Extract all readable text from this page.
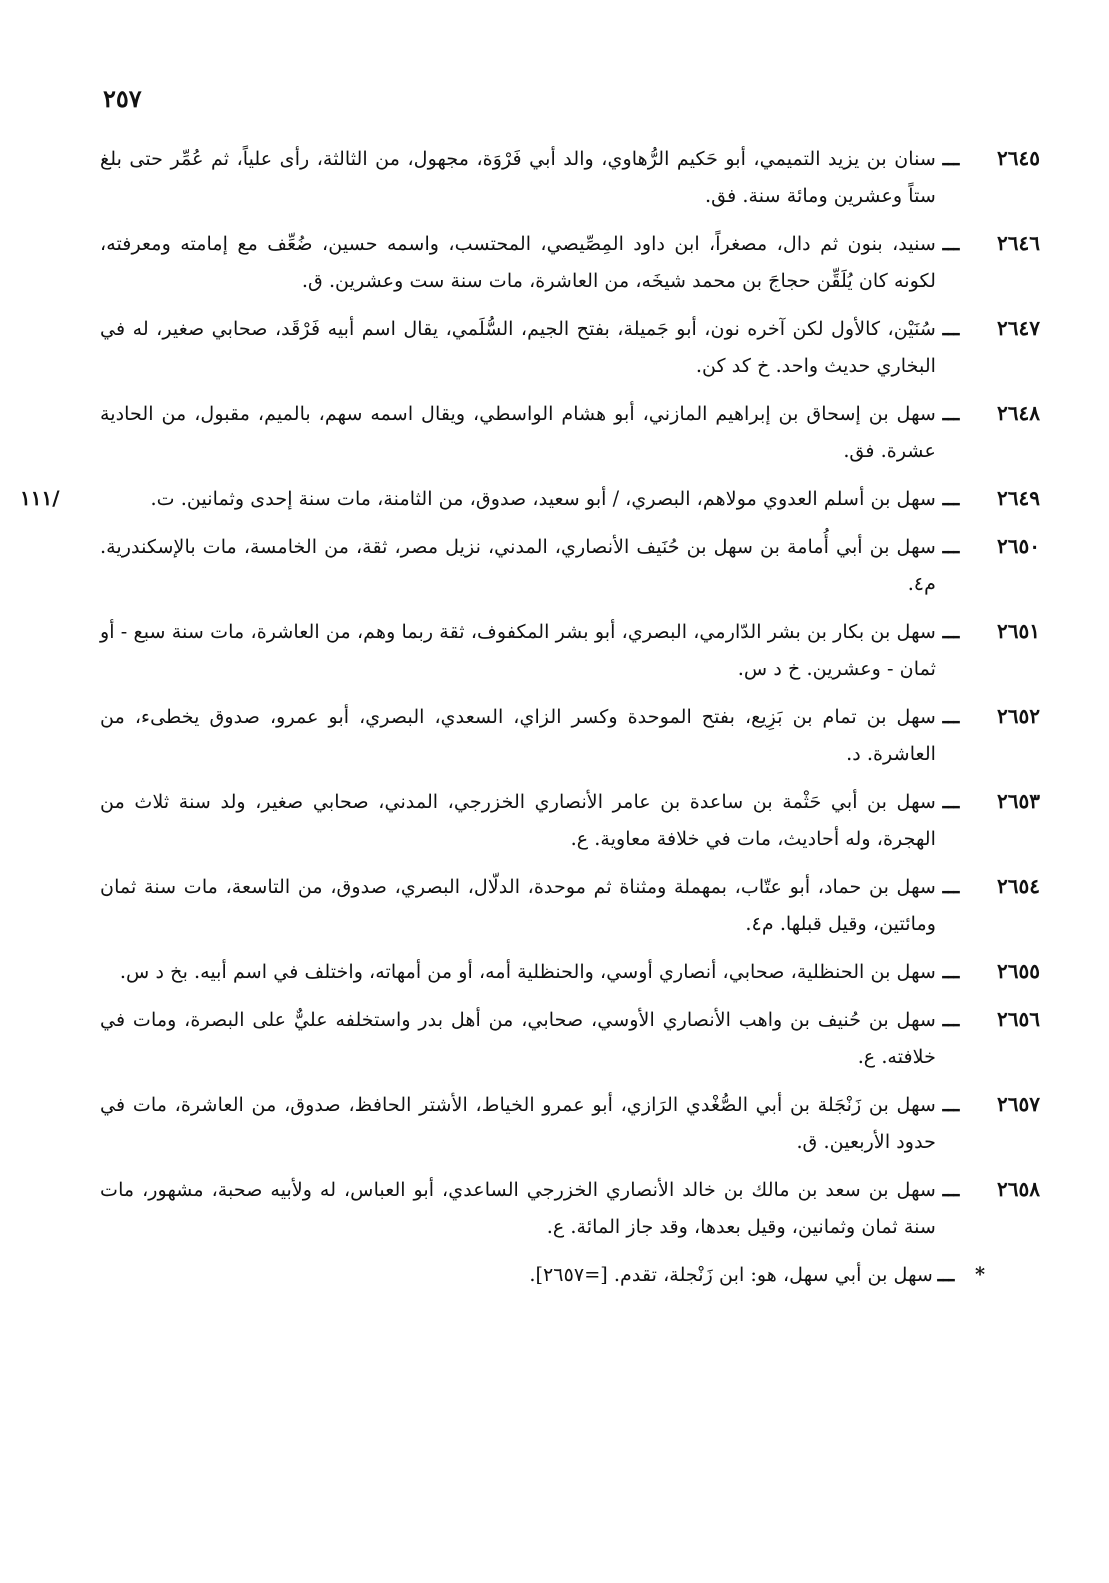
٢٥٧
٢٦٤٥
ـــ
سنان بن يزيد التميمي، أبو حَكيم الرُّهاوي، والد أبي فَرْوَة، مجهول، من الثالثة، رأى علياً، ثم عُمِّر حتى بلغ ستاً وعشرين ومائة سنة. فق.
٢٦٤٦
ـــ
سنيد، بنون ثم دال، مصغراً، ابن داود المِصِّيصي، المحتسب، واسمه حسين، ضُعِّف مع إمامته ومعرفته، لكونه كان يُلَقِّن حجاجَ بن محمد شيخَه، من العاشرة، مات سنة ست وعشرين. ق.
٢٦٤٧
ـــ
سُنَيْن، كالأول لكن آخره نون، أبو جَميلة، بفتح الجيم، السُّلَمي، يقال اسم أبيه فَرْقَد، صحابي صغير، له في البخاري حديث واحد. خ كد كن.
٢٦٤٨
ـــ
سهل بن إسحاق بن إبراهيم المازني، أبو هشام الواسطي، ويقال اسمه سهم، بالميم، مقبول، من الحادية عشرة. فق.
٢٦٤٩
ـــ
سهل بن أسلم العدوي مولاهم، البصري، / أبو سعيد، صدوق، من الثامنة، مات سنة إحدى وثمانين. ت.
/١١١
٢٦٥٠
ـــ
سهل بن أبي أُمامة بن سهل بن حُنَيف الأنصاري، المدني، نزيل مصر، ثقة، من الخامسة، مات بالإسكندرية. م٤.
٢٦٥١
ـــ
سهل بن بكار بن بشر الدّارمي، البصري، أبو بشر المكفوف، ثقة ربما وهم، من العاشرة، مات سنة سبع - أو ثمان - وعشرين. خ د س.
٢٦٥٢
ـــ
سهل بن تمام بن بَزِيع، بفتح الموحدة وكسر الزاي، السعدي، البصري، أبو عمرو، صدوق يخطىء، من العاشرة. د.
٢٦٥٣
ـــ
سهل بن أبي حَثْمة بن ساعدة بن عامر الأنصاري الخزرجي، المدني، صحابي صغير، ولد سنة ثلاث من الهجرة، وله أحاديث، مات في خلافة معاوية. ع.
٢٦٥٤
ـــ
سهل بن حماد، أبو عتّاب، بمهملة ومثناة ثم موحدة، الدلّال، البصري، صدوق، من التاسعة، مات سنة ثمان ومائتين، وقيل قبلها. م٤.
٢٦٥٥
ـــ
سهل بن الحنظلية، صحابي، أنصاري أوسي، والحنظلية أمه، أو من أمهاته، واختلف في اسم أبيه. بخ د س.
٢٦٥٦
ـــ
سهل بن حُنيف بن واهب الأنصاري الأوسي، صحابي، من أهل بدر واستخلفه عليٌّ على البصرة، ومات في خلافته. ع.
٢٦٥٧
ـــ
سهل بن زَنْجَلة بن أبي الصُّغْدي الرَازي، أبو عمرو الخياط، الأشتر الحافظ، صدوق، من العاشرة، مات في حدود الأربعين. ق.
٢٦٥٨
ـــ
سهل بن سعد بن مالك بن خالد الأنصاري الخزرجي الساعدي، أبو العباس، له ولأبيه صحبة، مشهور، مات سنة ثمان وثمانين، وقيل بعدها، وقد جاز المائة. ع.
*
ـــ
سهل بن أبي سهل، هو: ابن زَنْجلة، تقدم. [=٢٦٥٧].
